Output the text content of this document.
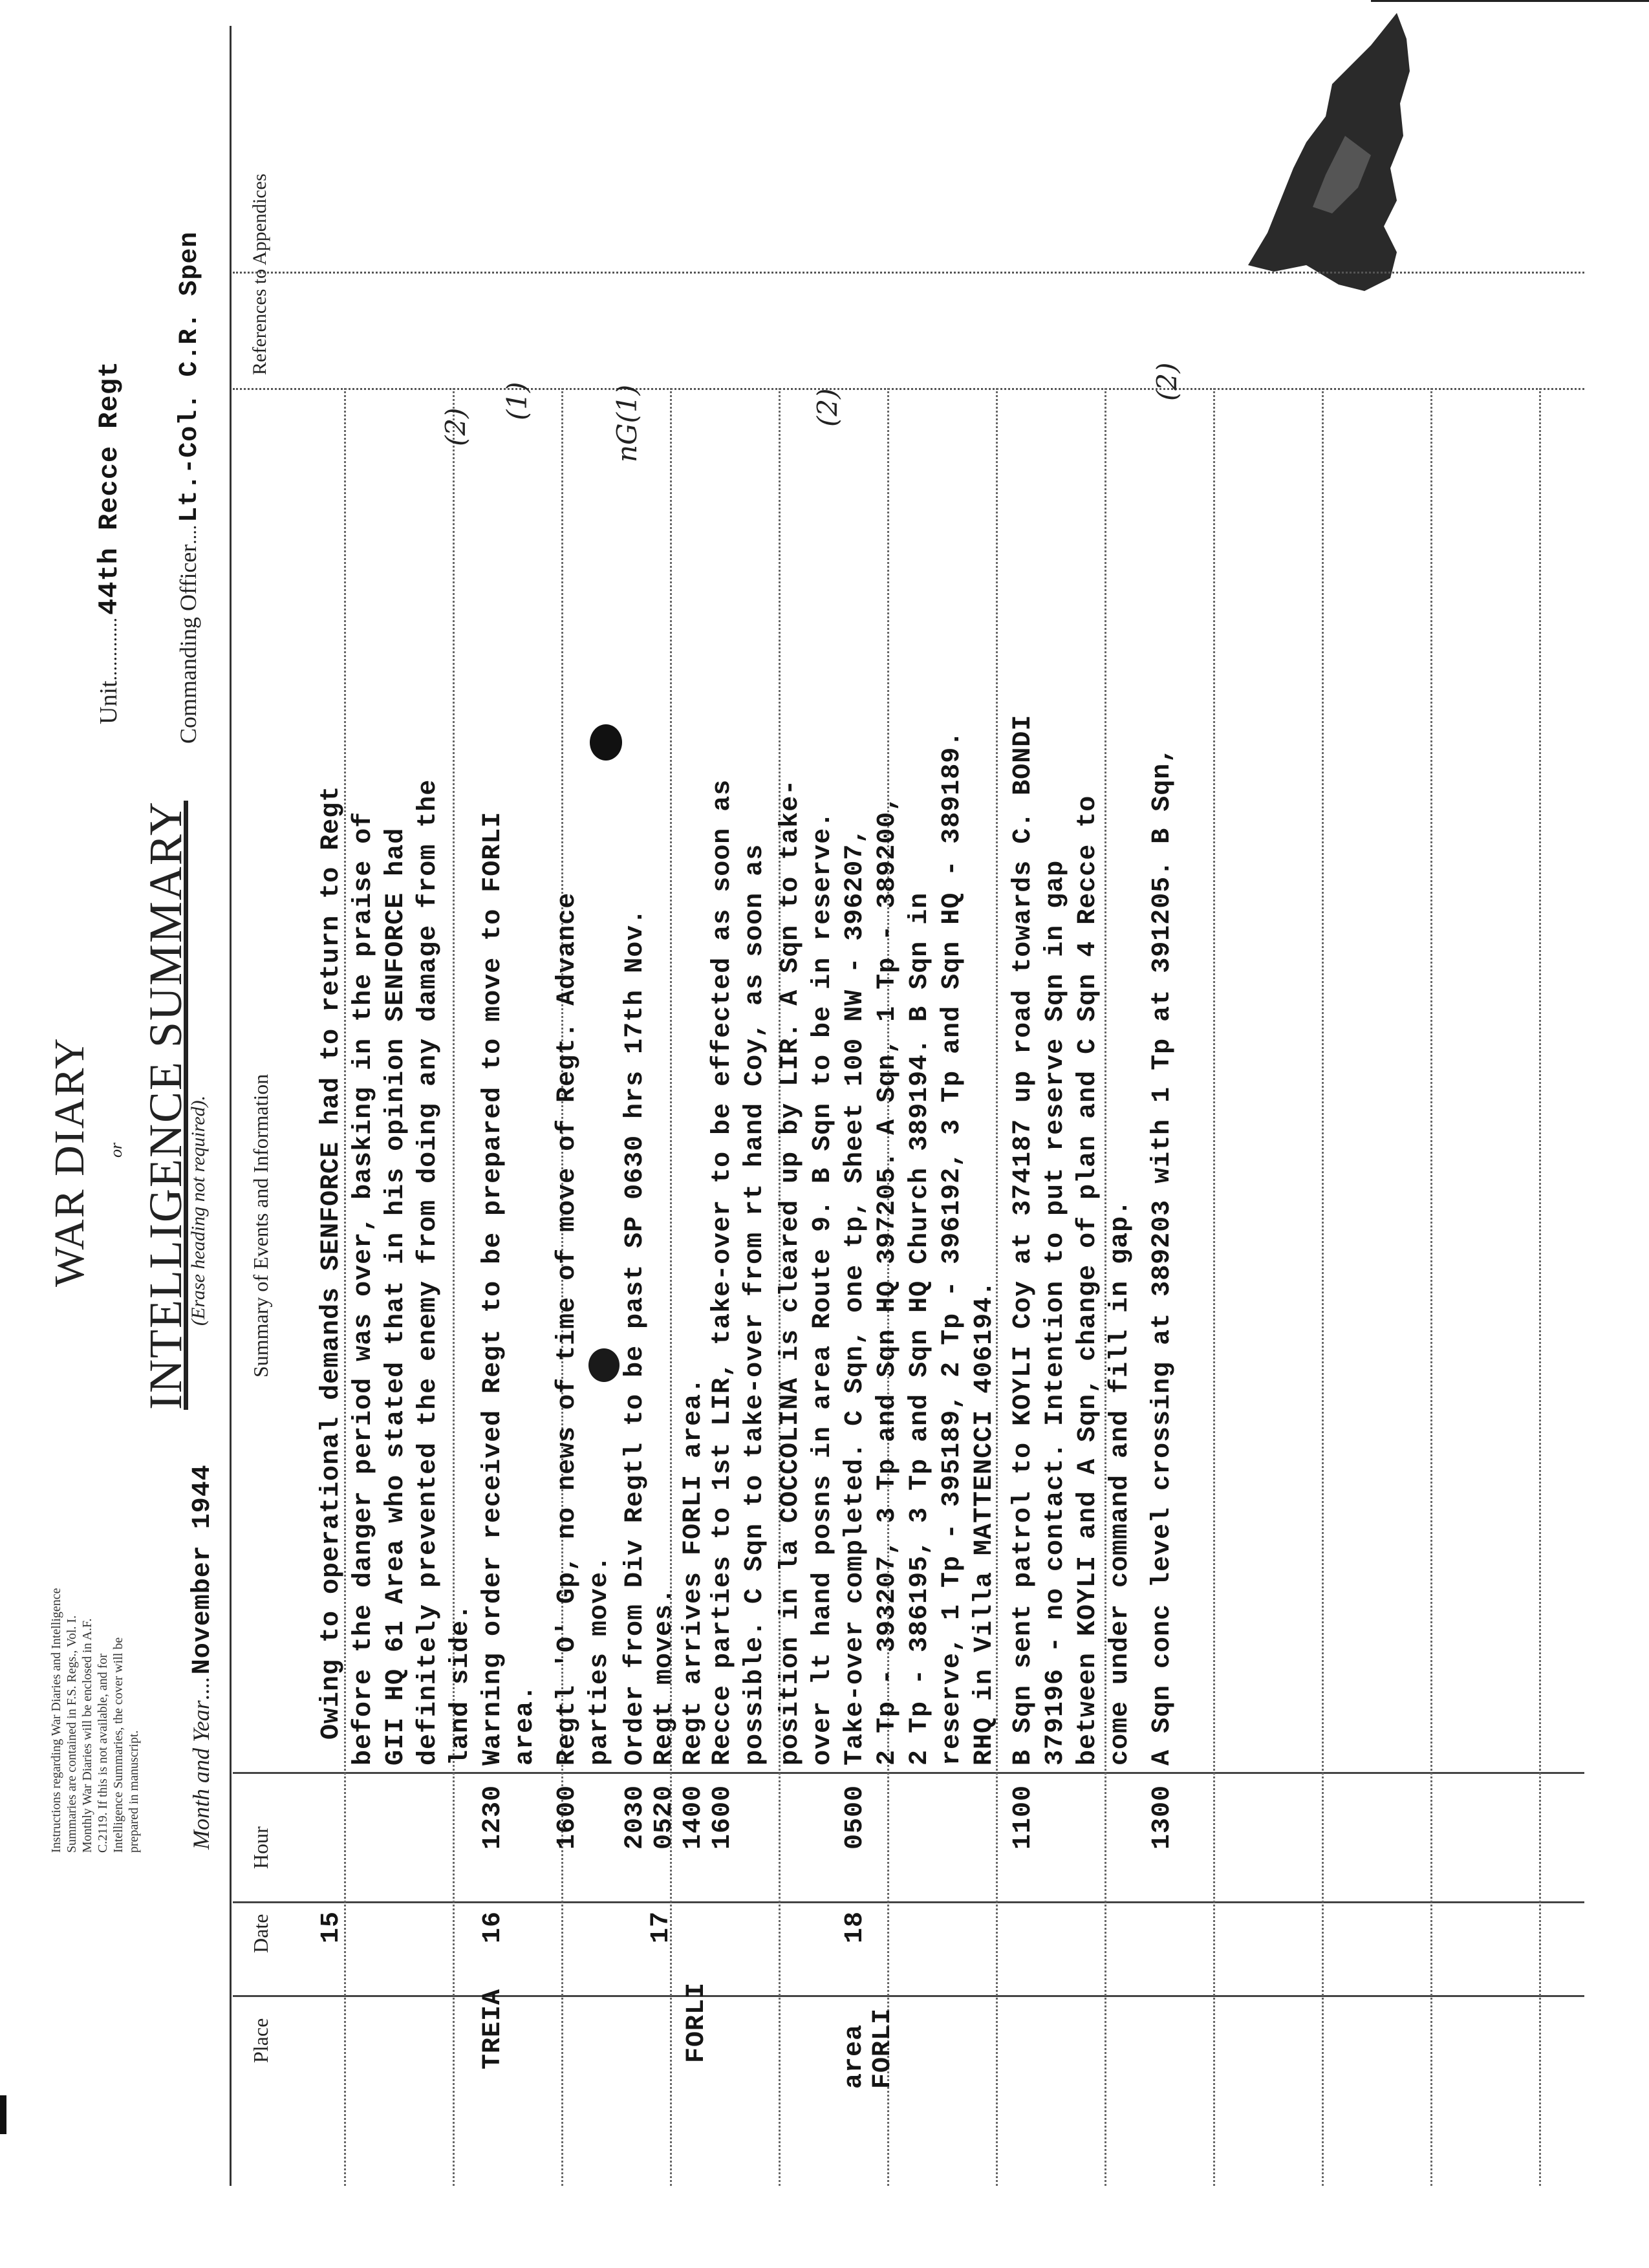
Instructions regarding War Diaries and Intelligence Summaries are contained in F.S. Regs., Vol. I. Monthly War Diaries will be enclosed in A.F. C.2119. If this is not available, and for Intelligence Summaries, the cover will be prepared in manuscript. Month and Year.... November 1944
WAR DIARY or INTELLIGENCE SUMMARY
(Erase heading not required).
Unit............. 44th Recce Regt
Commanding Officer.... Lt.-Col. C.R. Spen
Place
Date
Hour
Summary of Events and Information
References to Appendices
15
Owing to operational demands SENFORCE had to return to Regt before the danger period was over, basking in the praise of GII HQ 61 Area who stated that in his opinion SENFORCE had definitely prevented the enemy from doing any damage from the land side.
TREIA
16
1230
Warning order received Regt to be prepared to move to FORLI area.
1600
Regtl 'O' Gp, no news of time of move of Regt. Advance parties move.
2030
Order from Div Regtl to be past SP 0630 hrs 17th Nov.
17
0520
Regt moves.
FORLI
1400
Regt arrives FORLI area.
1600
Recce parties to 1st LIR, take-over to be effected as soon as possible. C Sqn to take-over from rt hand Coy, as soon as position in la COCCOLINA is cleared up by LIR. A Sqn to take- over lt hand posns in area Route 9. B Sqn to be in reserve.
area FORLI
18
0500
Take-over completed. C Sqn, one tp, Sheet 100 NW - 396207, 2 Tp - 393207, 3 Tp and Sqn HQ 397205. A Sqn, 1 Tp - 389200, 2 Tp - 386195, 3 Tp and Sqn HQ Church 389194. B Sqn in reserve, 1 Tp - 395189, 2 Tp - 396192, 3 Tp and Sqn HQ - 389189. RHQ in Villa MATTENCCI 406194.
1100
B Sqn sent patrol to KOYLI Coy at 374187 up road towards C. BONDI 379196 - no contact. Intention to put reserve Sqn in gap between KOYLI and A Sqn, change of plan and C Sqn 4 Recce to come under command and fill in gap.
1300
A Sqn conc level crossing at 389203 with 1 Tp at 391205. B Sqn,
(2)
(1)	nG(1)	(2)
(2)
